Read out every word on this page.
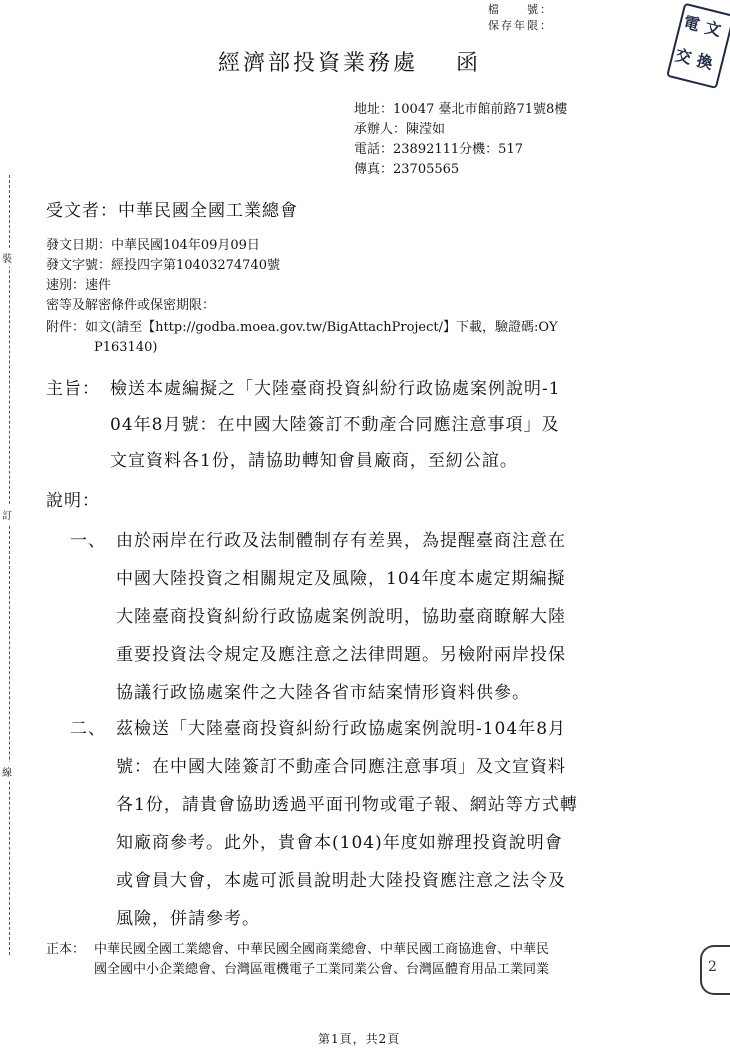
檔　　號：
保存年限：	電 文
交 換
經濟部投資業務處 函
地址：10047 臺北市館前路71號8樓
承辦人：陳滢如
電話：23892111分機：517
傳真：23705565
受文者：中華民國全國工業總會
發文日期：中華民國104年09月09日
發文字號：經投四字第10403274740號
速別：速件
密等及解密條件或保密期限：
附件：如文(請至【http://godba.moea.gov.tw/BigAttachProject/】下載，驗證碼:OY
P163140)
主旨： 檢送本處編擬之「大陸臺商投資糾紛行政協處案例說明-1
04年8月號：在中國大陸簽訂不動產合同應注意事項」及
文宣資料各1份，請協助轉知會員廠商，至紉公誼。
說明：
一、 由於兩岸在行政及法制體制存有差異，為提醒臺商注意在
中國大陸投資之相關規定及風險，104年度本處定期編擬
大陸臺商投資糾紛行政協處案例說明，協助臺商瞭解大陸
重要投資法令規定及應注意之法律問題。另檢附兩岸投保
協議行政協處案件之大陸各省市結案情形資料供參。
二、 茲檢送「大陸臺商投資糾紛行政協處案例說明-104年8月
號：在中國大陸簽訂不動產合同應注意事項」及文宣資料
各1份，請貴會協助透過平面刊物或電子報、網站等方式轉
知廠商參考。此外，貴會本(104)年度如辦理投資說明會
或會員大會，本處可派員說明赴大陸投資應注意之法令及
風險，併請參考。
正本： 中華民國全國工業總會、中華民國全國商業總會、中華民國工商協進會、中華民
國全國中小企業總會、台灣區電機電子工業同業公會、台灣區體育用品工業同業	2
裝
訂
線
第1頁，共2頁
